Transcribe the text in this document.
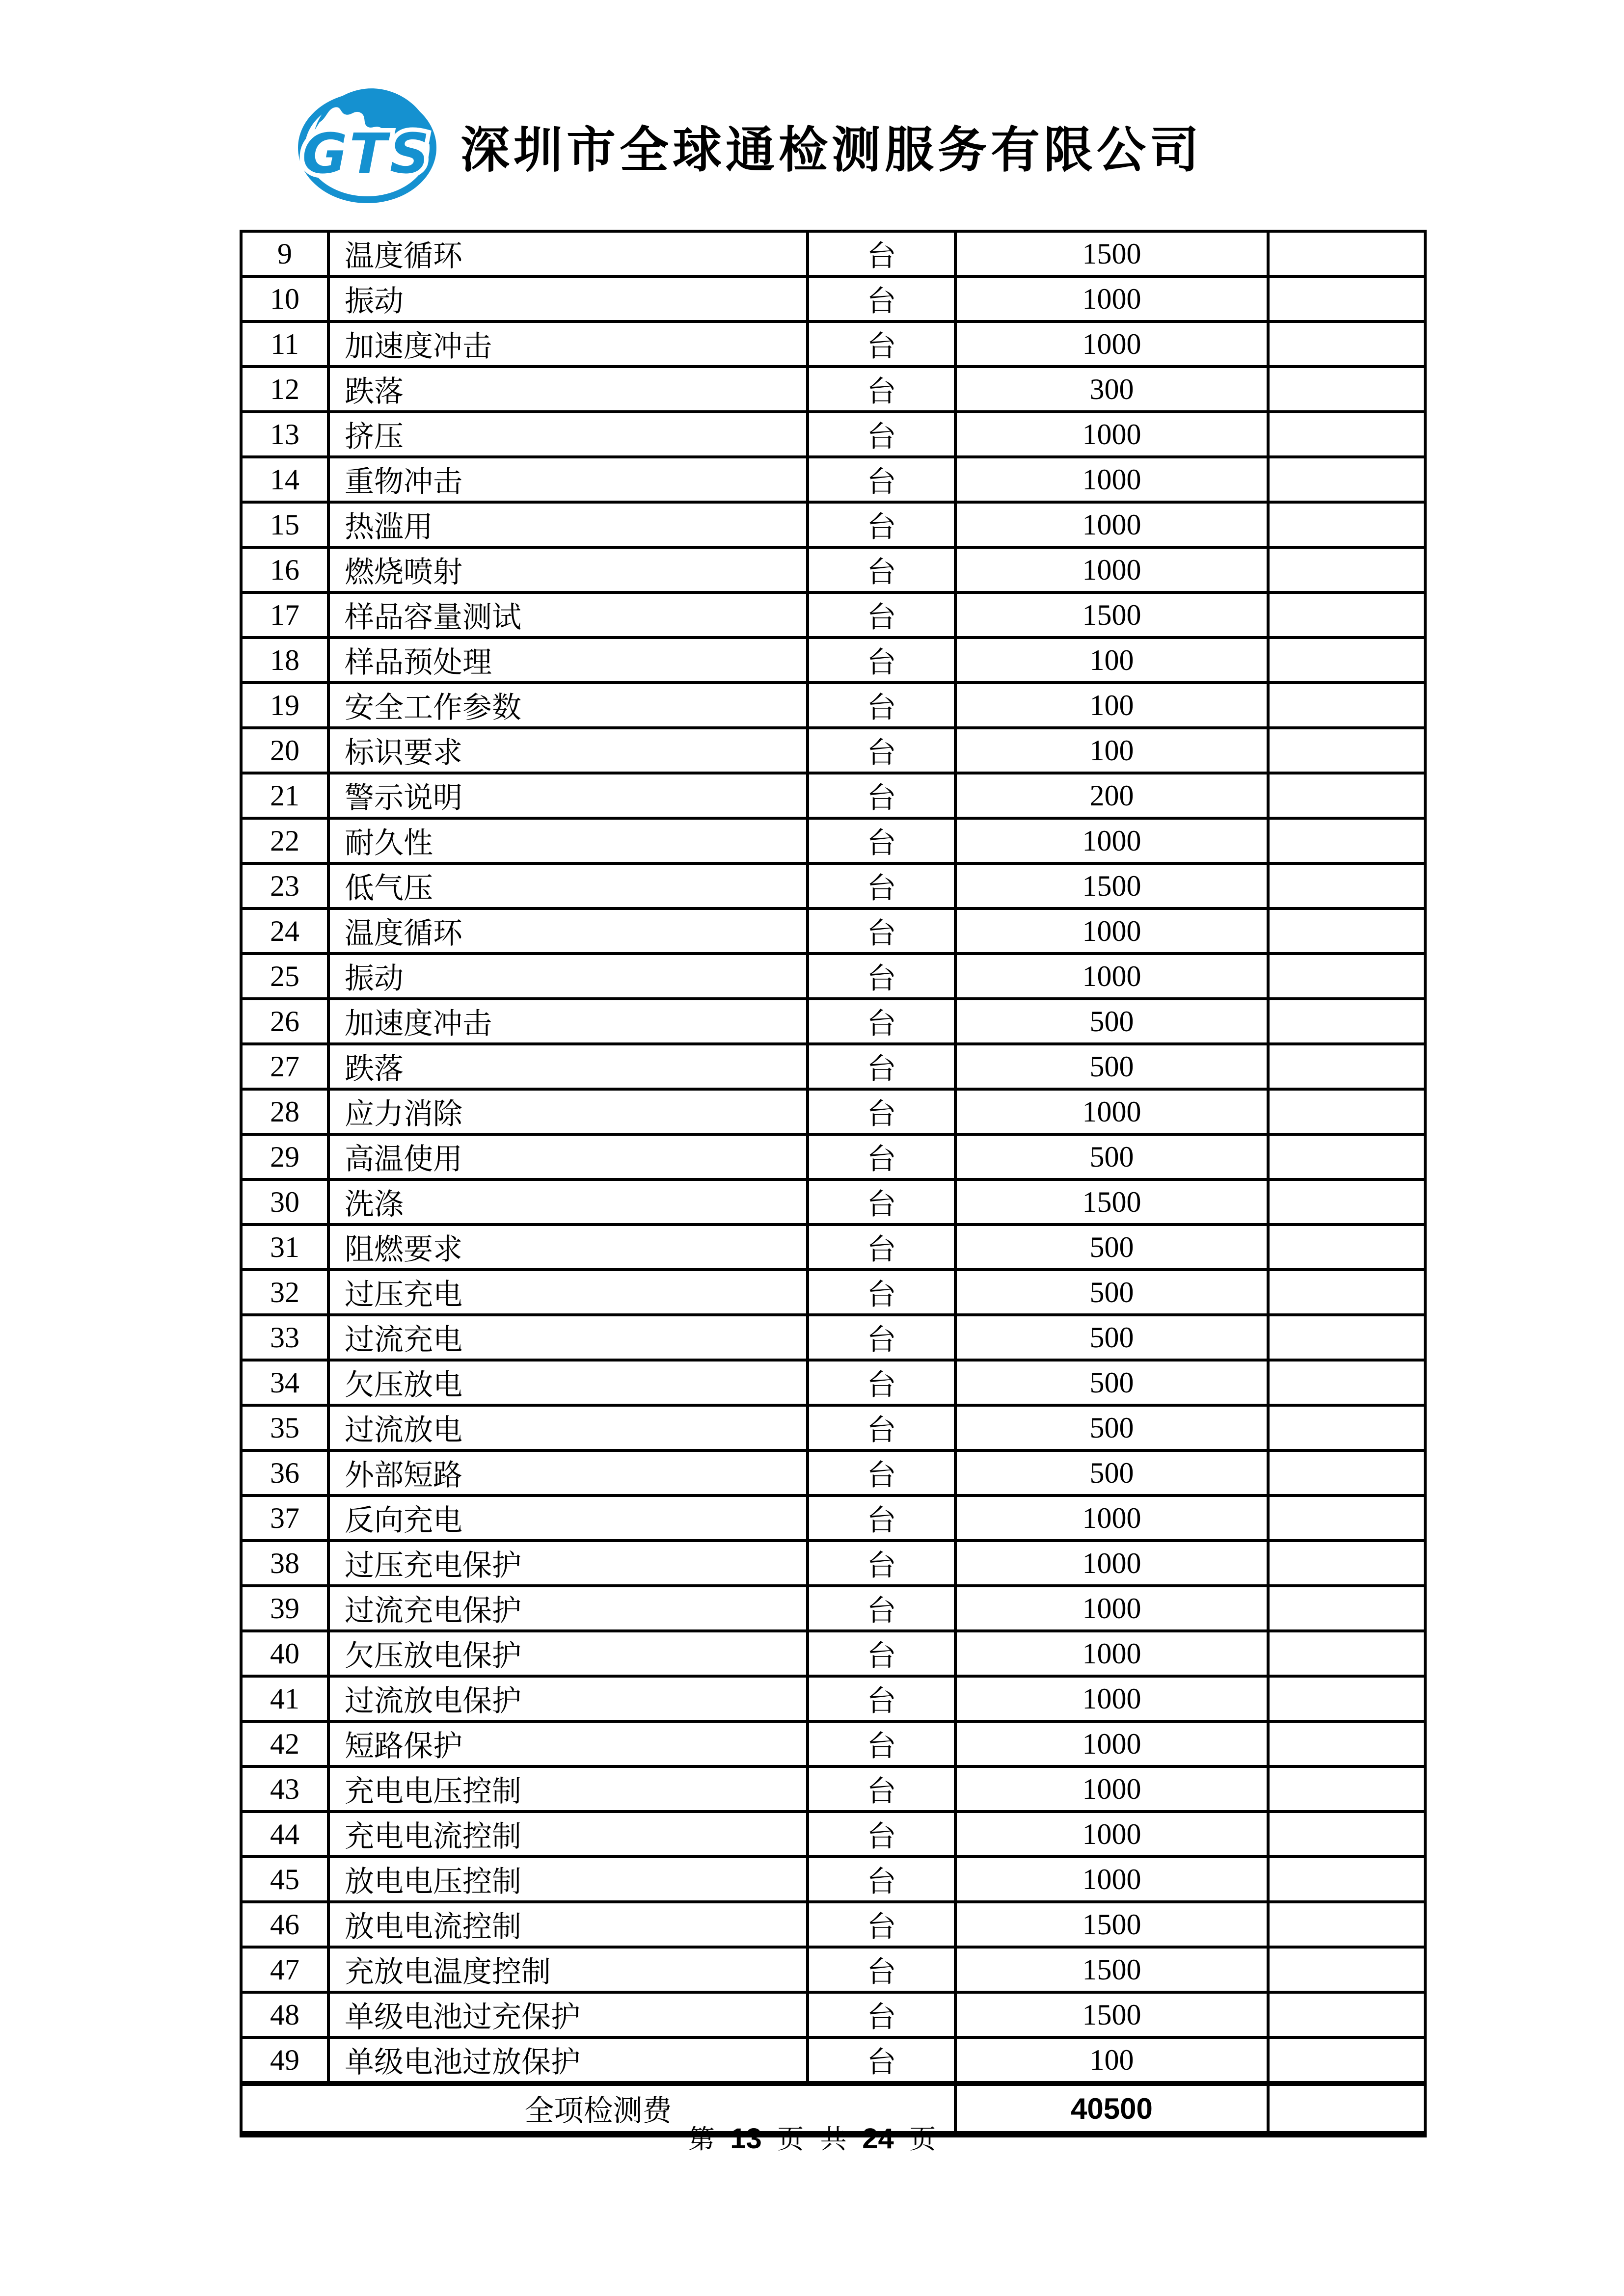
GTS 深圳市全球通检测服务有限公司
9	温度循环	台	1500	
10	振动	台	1000	
11	加速度冲击	台	1000	
12	跌落	台	300	
13	挤压	台	1000	
14	重物冲击	台	1000	
15	热滥用	台	1000	
16	燃烧喷射	台	1000	
17	样品容量测试	台	1500	
18	样品预处理	台	100	
19	安全工作参数	台	100	
20	标识要求	台	100	
21	警示说明	台	200	
22	耐久性	台	1000	
23	低气压	台	1500	
24	温度循环	台	1000	
25	振动	台	1000	
26	加速度冲击	台	500	
27	跌落	台	500	
28	应力消除	台	1000	
29	高温使用	台	500	
30	洗涤	台	1500	
31	阻燃要求	台	500	
32	过压充电	台	500	
33	过流充电	台	500	
34	欠压放电	台	500	
35	过流放电	台	500	
36	外部短路	台	500	
37	反向充电	台	1000	
38	过压充电保护	台	1000	
39	过流充电保护	台	1000	
40	欠压放电保护	台	1000	
41	过流放电保护	台	1000	
42	短路保护	台	1000	
43	充电电压控制	台	1000	
44	充电电流控制	台	1000	
45	放电电压控制	台	1000	
46	放电电流控制	台	1500	
47	充放电温度控制	台	1500	
48	单级电池过充保护	台	1500	
49	单级电池过放保护	台	100	
全项检测费			40500	
第 13 页 共 24 页
